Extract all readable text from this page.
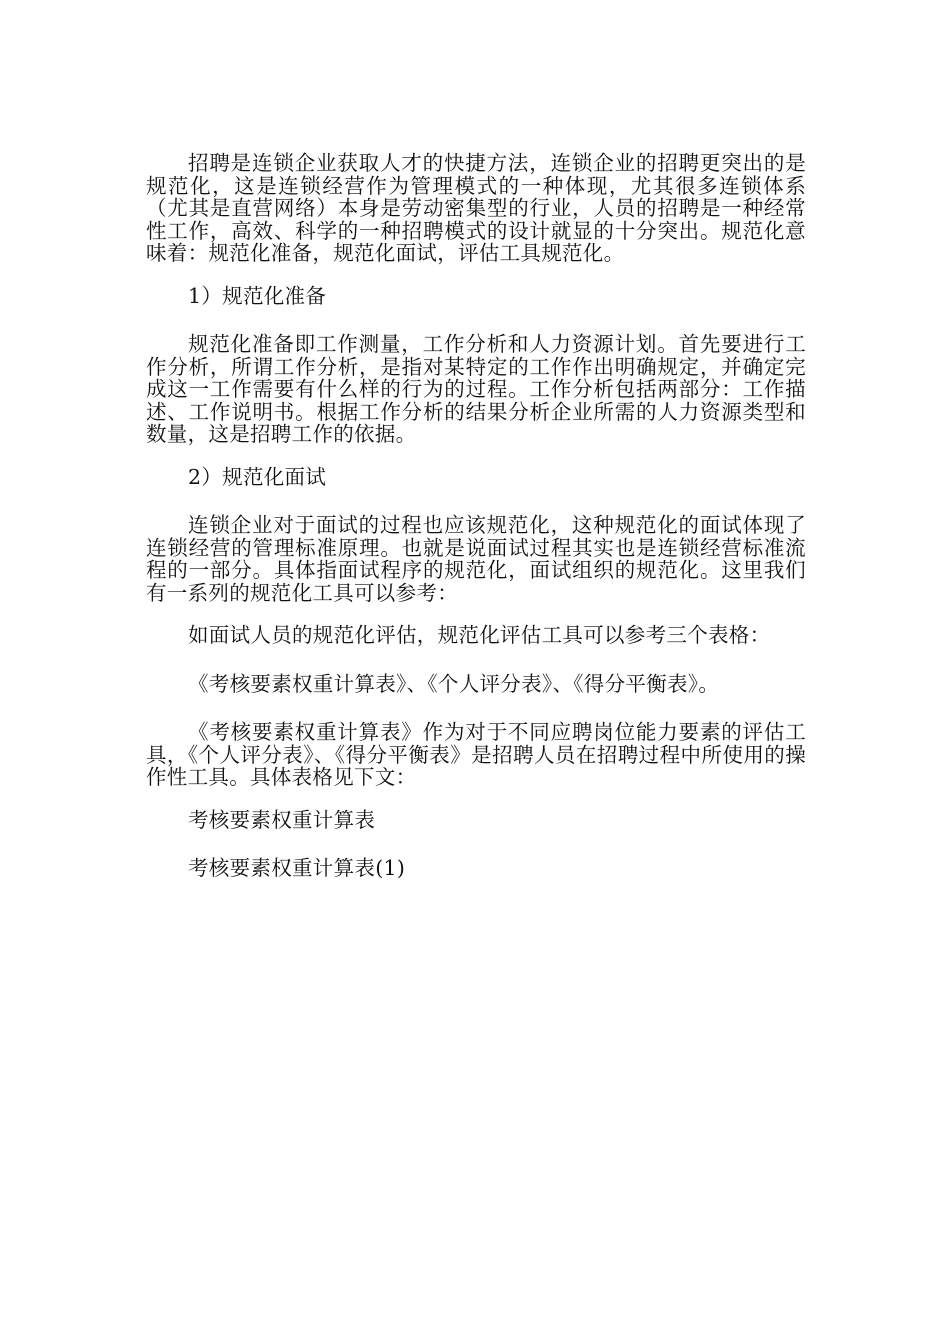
招聘是连锁企业获取人才的快捷方法，连锁企业的招聘更突出的是规范化，这是连锁经营作为管理模式的一种体现，尤其很多连锁体系（尤其是直营网络）本身是劳动密集型的行业，人员的招聘是一种经常性工作，高效、科学的一种招聘模式的设计就显的十分突出。规范化意味着：规范化准备，规范化面试，评估工具规范化。

1）规范化准备

规范化准备即工作测量，工作分析和人力资源计划。首先要进行工作分析，所谓工作分析，是指对某特定的工作作出明确规定，并确定完成这一工作需要有什么样的行为的过程。工作分析包括两部分：工作描述、工作说明书。根据工作分析的结果分析企业所需的人力资源类型和数量，这是招聘工作的依据。

2）规范化面试

连锁企业对于面试的过程也应该规范化，这种规范化的面试体现了连锁经营的管理标准原理。也就是说面试过程其实也是连锁经营标准流程的一部分。具体指面试程序的规范化，面试组织的规范化。这里我们有一系列的规范化工具可以参考：

如面试人员的规范化评估，规范化评估工具可以参考三个表格：

《考核要素权重计算表》、《个人评分表》、《得分平衡表》。

《考核要素权重计算表》作为对于不同应聘岗位能力要素的评估工具，《个人评分表》、《得分平衡表》是招聘人员在招聘过程中所使用的操作性工具。具体表格见下文：

考核要素权重计算表

考核要素权重计算表(1)
